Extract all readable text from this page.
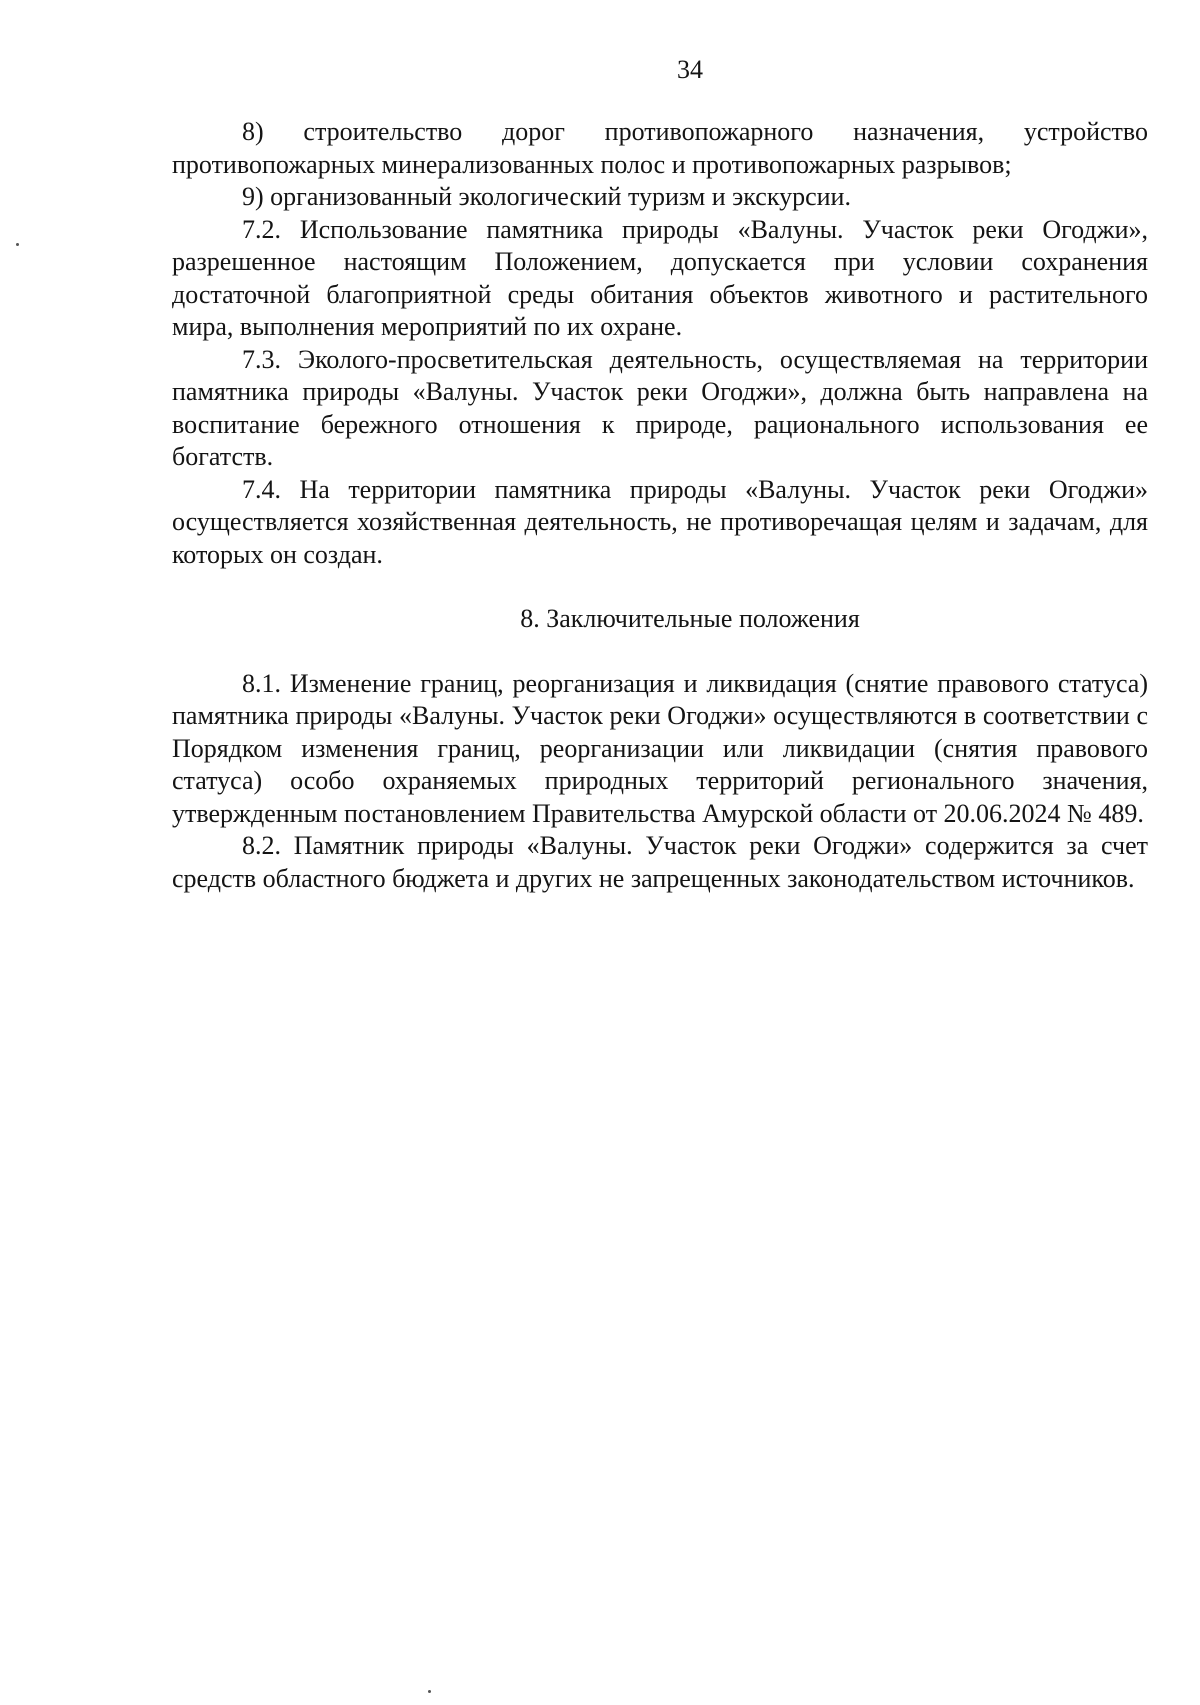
34

8) строительство дорог противопожарного назначения, устройство противопожарных минерализованных полос и противопожарных разрывов;

9) организованный экологический туризм и экскурсии.

7.2. Использование памятника природы «Валуны. Участок реки Огоджи», разрешенное настоящим Положением, допускается при условии сохранения достаточной благоприятной среды обитания объектов животного и растительного мира, выполнения мероприятий по их охране.

7.3. Эколого-просветительская деятельность, осуществляемая на территории памятника природы «Валуны. Участок реки Огоджи», должна быть направлена на воспитание бережного отношения к природе, рационального использования ее богатств.

7.4. На территории памятника природы «Валуны. Участок реки Огоджи» осуществляется хозяйственная деятельность, не противоречащая целям и задачам, для которых он создан.

8. Заключительные положения

8.1. Изменение границ, реорганизация и ликвидация (снятие правового статуса) памятника природы «Валуны. Участок реки Огоджи» осуществляются в соответствии с Порядком изменения границ, реорганизации или ликвидации (снятия правового статуса) особо охраняемых природных территорий регионального значения, утвержденным постановлением Правительства Амурской области от 20.06.2024 № 489.

8.2. Памятник природы «Валуны. Участок реки Огоджи» содержится за счет средств областного бюджета и других не запрещенных законодательством источников.
